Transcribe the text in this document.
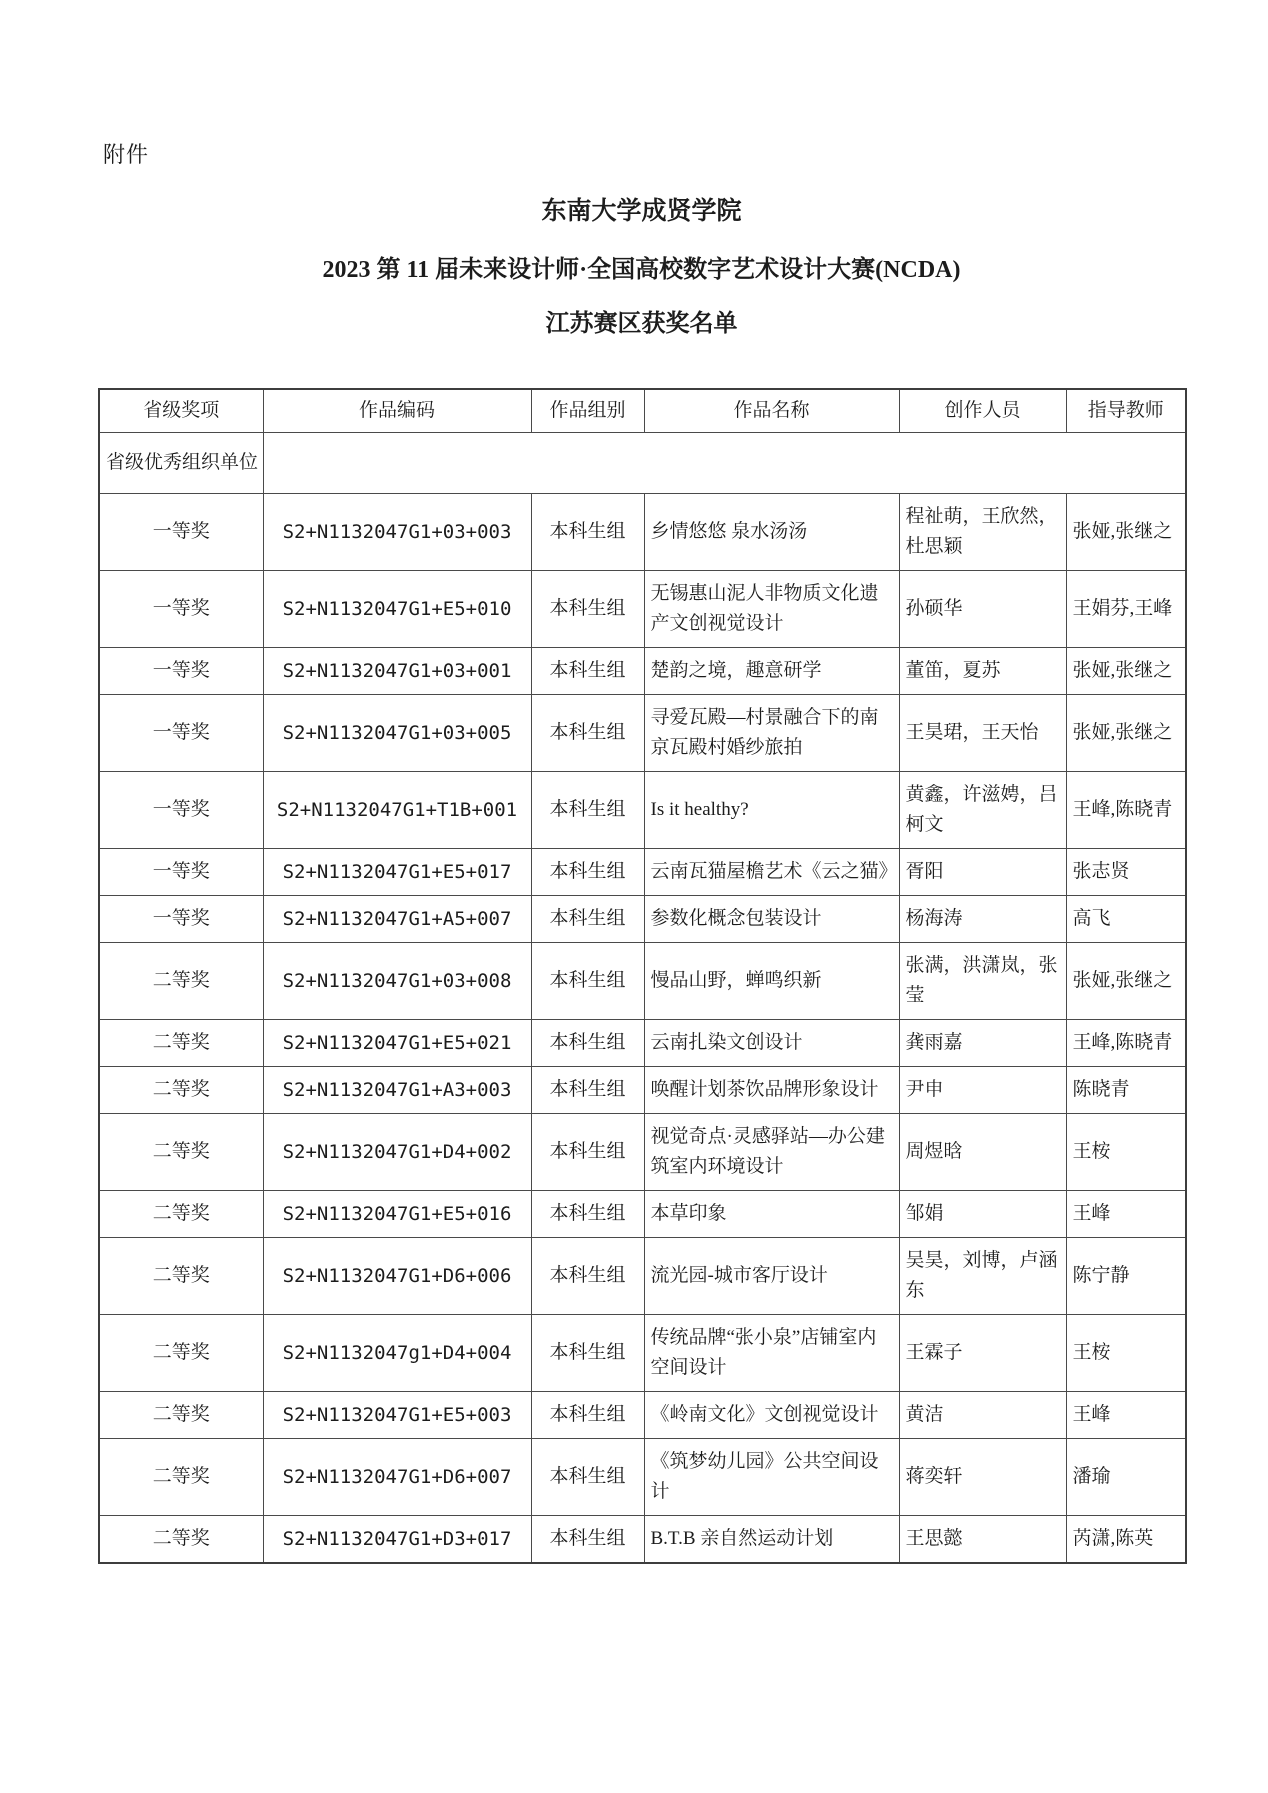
附件
东南大学成贤学院
2023 第 11 届未来设计师·全国高校数字艺术设计大赛(NCDA)
江苏赛区获奖名单
省级奖项	作品编码	作品组别	作品名称	创作人员	指导教师
省级优秀组织单位					
一等奖	S2+N1132047G1+03+003	本科生组	乡情悠悠 泉水汤汤	程祉萌，王欣然，杜思颖	张娅,张继之
一等奖	S2+N1132047G1+E5+010	本科生组	无锡惠山泥人非物质文化遗产文创视觉设计	孙硕华	王娟芬,王峰
一等奖	S2+N1132047G1+03+001	本科生组	楚韵之境，趣意研学	董笛，夏苏	张娅,张继之
一等奖	S2+N1132047G1+03+005	本科生组	寻爱瓦殿—村景融合下的南京瓦殿村婚纱旅拍	王昊珺，王天怡	张娅,张继之
一等奖	S2+N1132047G1+T1B+001	本科生组	Is it healthy?	黄鑫，许滋娉，吕柯文	王峰,陈晓青
一等奖	S2+N1132047G1+E5+017	本科生组	云南瓦猫屋檐艺术《云之猫》	胥阳	张志贤
一等奖	S2+N1132047G1+A5+007	本科生组	参数化概念包装设计	杨海涛	高飞
二等奖	S2+N1132047G1+03+008	本科生组	慢品山野，蝉鸣织新	张满，洪潇岚，张莹	张娅,张继之
二等奖	S2+N1132047G1+E5+021	本科生组	云南扎染文创设计	龚雨嘉	王峰,陈晓青
二等奖	S2+N1132047G1+A3+003	本科生组	唤醒计划茶饮品牌形象设计	尹申	陈晓青
二等奖	S2+N1132047G1+D4+002	本科生组	视觉奇点·灵感驿站—办公建筑室内环境设计	周煜晗	王桉
二等奖	S2+N1132047G1+E5+016	本科生组	本草印象	邹娟	王峰
二等奖	S2+N1132047G1+D6+006	本科生组	流光园-城市客厅设计	吴昊，刘博，卢涵东	陈宁静
二等奖	S2+N1132047g1+D4+004	本科生组	传统品牌“张小泉”店铺室内空间设计	王霖子	王桉
二等奖	S2+N1132047G1+E5+003	本科生组	《岭南文化》文创视觉设计	黄洁	王峰
二等奖	S2+N1132047G1+D6+007	本科生组	《筑梦幼儿园》公共空间设计	蒋奕轩	潘瑜
二等奖	S2+N1132047G1+D3+017	本科生组	B.T.B 亲自然运动计划	王思懿	芮潇,陈英
